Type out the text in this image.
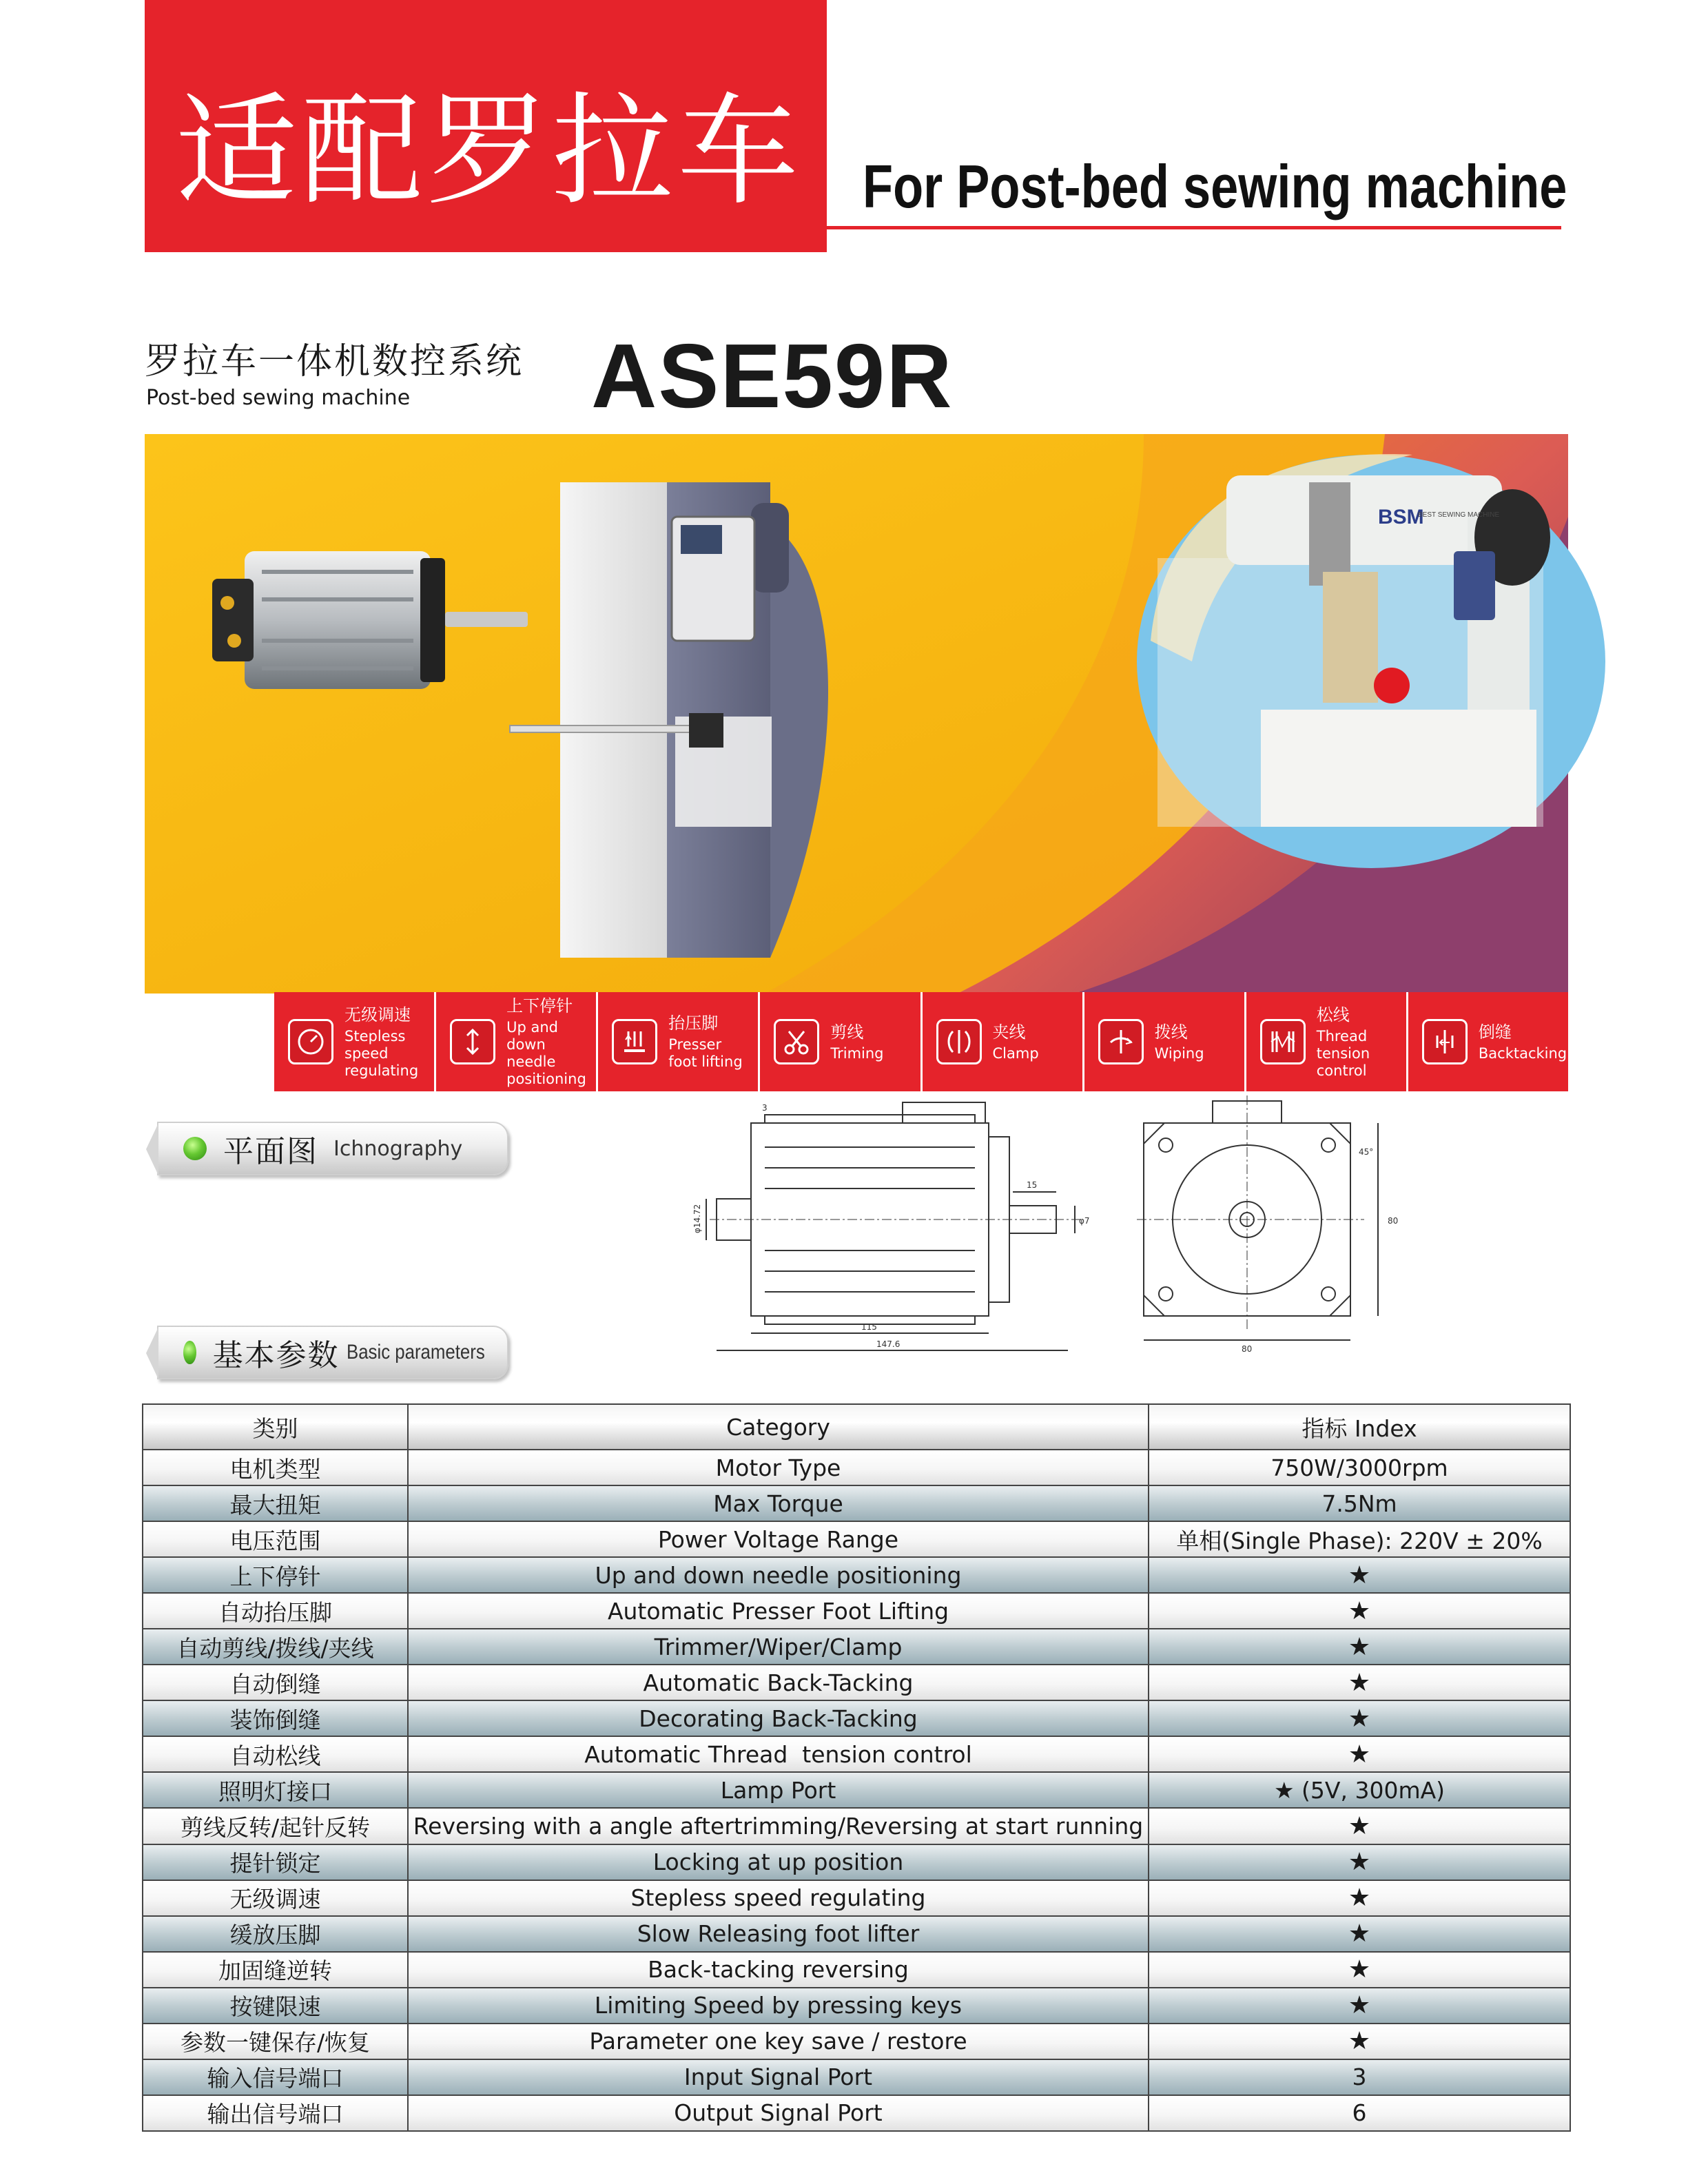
适配罗拉车 For Post-bed sewing machine
罗拉车一体机数控系统
Post-bed sewing machine ASE59R
BSM
BEST SEWING MACHINE
无级调速
Stepless speed
regulating
上下停针
Up and down
needle
positioning
抬压脚
Presser
foot lifting
剪线
Triming
夹线
Clamp
拨线
Wiping
松线
Thread
tension
control
倒缝
Backtacking
平面图 Ichnography
3
φ14.72
15
φ7
115
147.6
45°
80
80
基本参数 Basic parameters
类别	Category	指标 Index
电机类型	Motor Type	750W/3000rpm
最大扭矩	Max Torque	7.5Nm
电压范围	Power Voltage Range	单相(Single Phase): 220V ± 20%
上下停针	Up and down needle positioning	★
自动抬压脚	Automatic Presser Foot Lifting	★
自动剪线/拨线/夹线	Trimmer/Wiper/Clamp	★
自动倒缝	Automatic Back-Tacking	★
装饰倒缝	Decorating Back-Tacking	★
自动松线	Automatic Thread  tension control	★
照明灯接口	Lamp Port	★ (5V, 300mA)
剪线反转/起针反转	Reversing with a angle aftertrimming/Reversing at start running	★
提针锁定	Locking at up position	★
无级调速	Stepless speed regulating	★
缓放压脚	Slow Releasing foot lifter	★
加固缝逆转	Back-tacking reversing	★
按键限速	Limiting Speed by pressing keys	★
参数一键保存/恢复	Parameter one key save / restore	★
输入信号端口	Input Signal Port	3
输出信号端口	Output Signal Port	6
